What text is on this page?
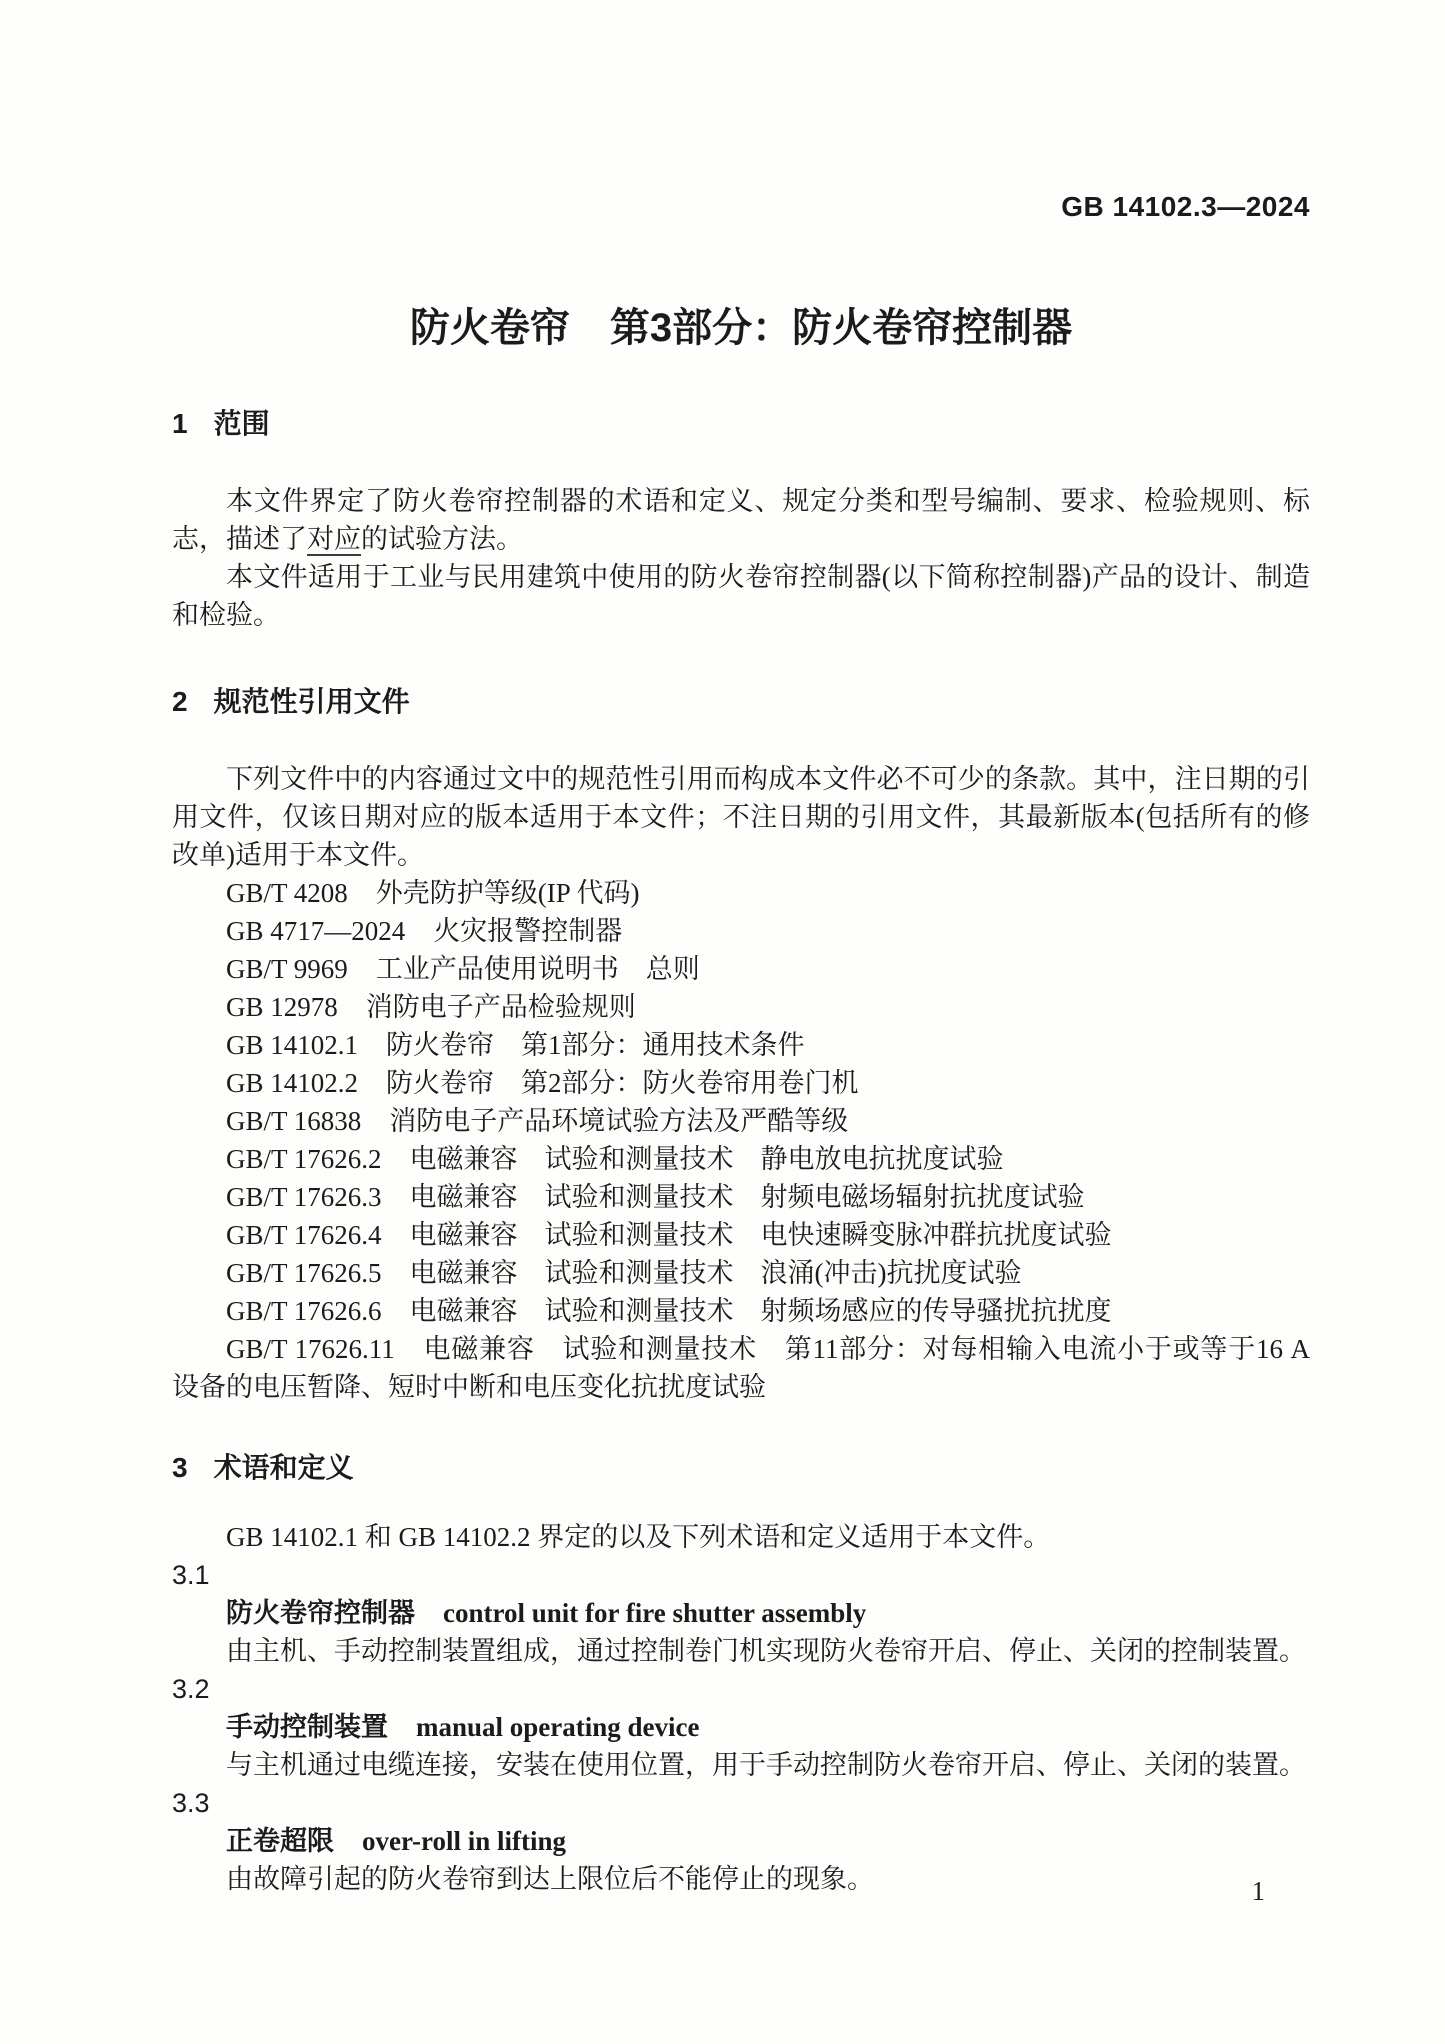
GB 14102.3—2024
防火卷帘　第3部分：防火卷帘控制器
1 范围

本文件界定了防火卷帘控制器的术语和定义、规定分类和型号编制、要求、检验规则、标志，描述了对应的试验方法。

本文件适用于工业与民用建筑中使用的防火卷帘控制器(以下简称控制器)产品的设计、制造和检验。

2 规范性引用文件

下列文件中的内容通过文中的规范性引用而构成本文件必不可少的条款。其中，注日期的引用文件，仅该日期对应的版本适用于本文件；不注日期的引用文件，其最新版本(包括所有的修改单)适用于本文件。

GB/T 4208 外壳防护等级(IP 代码)
GB 4717—2024 火灾报警控制器
GB/T 9969 工业产品使用说明书　总则
GB 12978 消防电子产品检验规则
GB 14102.1 防火卷帘　第1部分：通用技术条件
GB 14102.2 防火卷帘　第2部分：防火卷帘用卷门机
GB/T 16838 消防电子产品环境试验方法及严酷等级
GB/T 17626.2 电磁兼容　试验和测量技术　静电放电抗扰度试验
GB/T 17626.3 电磁兼容　试验和测量技术　射频电磁场辐射抗扰度试验
GB/T 17626.4 电磁兼容　试验和测量技术　电快速瞬变脉冲群抗扰度试验
GB/T 17626.5 电磁兼容　试验和测量技术　浪涌(冲击)抗扰度试验
GB/T 17626.6 电磁兼容　试验和测量技术　射频场感应的传导骚扰抗扰度
GB/T 17626.11 电磁兼容　试验和测量技术　第11部分：对每相输入电流小于或等于16 A设备的电压暂降、短时中断和电压变化抗扰度试验
3 术语和定义

GB 14102.1 和 GB 14102.2 界定的以及下列术语和定义适用于本文件。

3.1

防火卷帘控制器 control unit for fire shutter assembly

由主机、手动控制装置组成，通过控制卷门机实现防火卷帘开启、停止、关闭的控制装置。

3.2

手动控制装置 manual operating device

与主机通过电缆连接，安装在使用位置，用于手动控制防火卷帘开启、停止、关闭的装置。

3.3

正卷超限 over-roll in lifting

由故障引起的防火卷帘到达上限位后不能停止的现象。	1
